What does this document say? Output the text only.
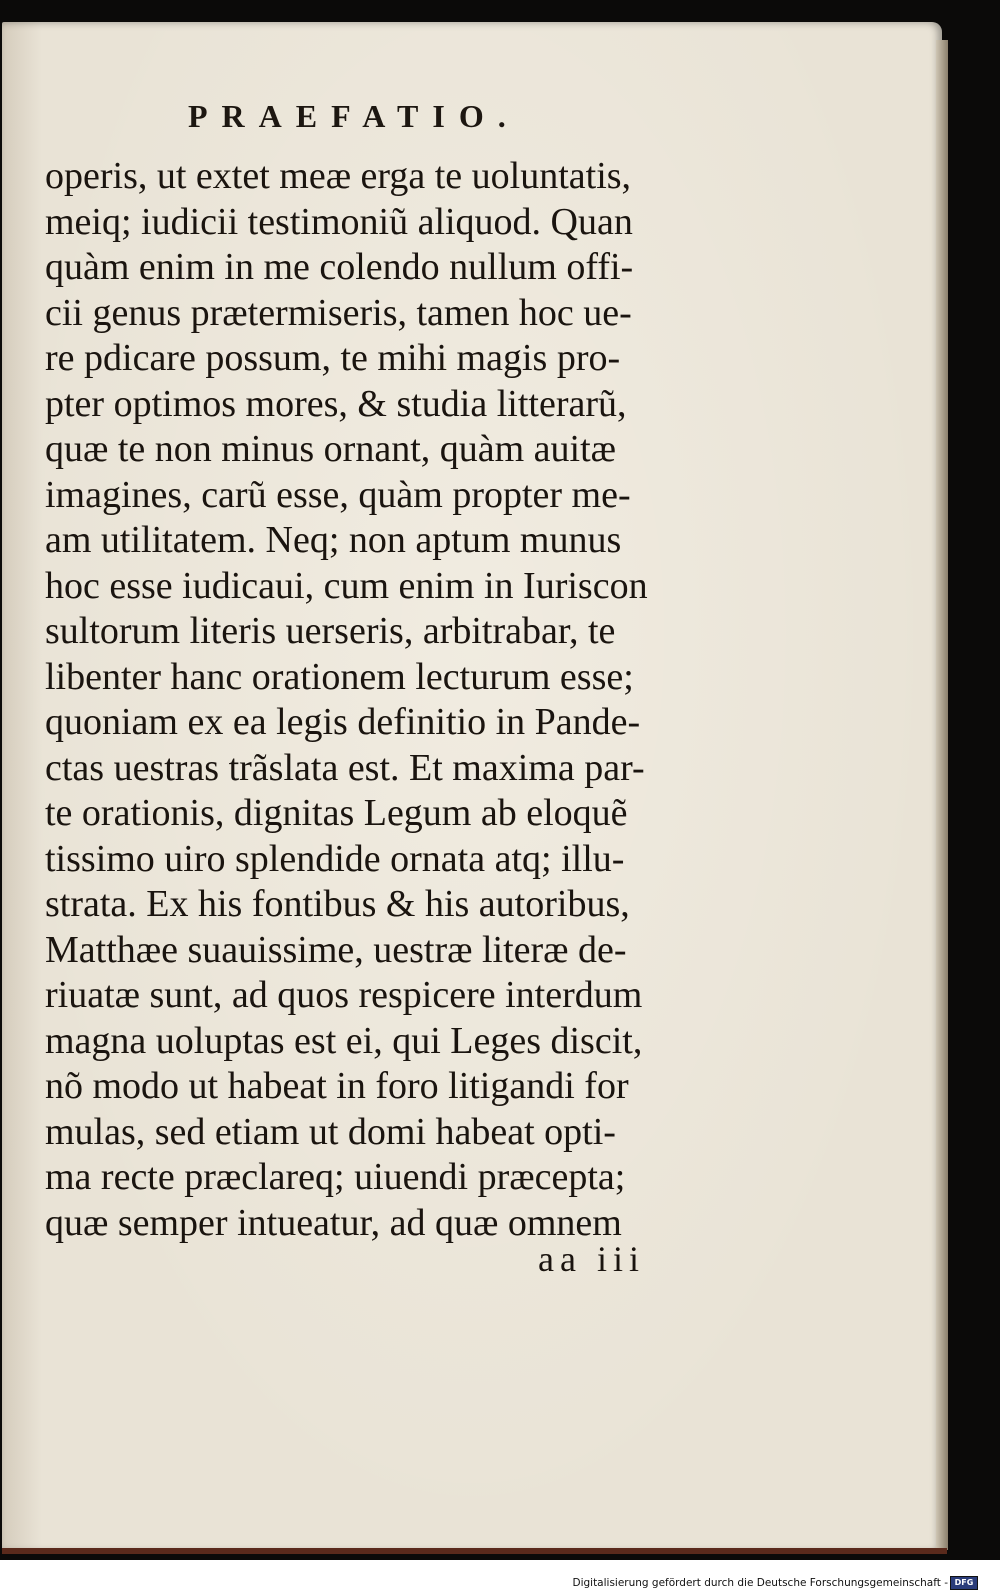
PRAEFATIO.
operis, ut extet meæ erga te uoluntatis,
meiq; iudicii testimoniũ aliquod. Quan
quàm enim in me colendo nullum offi-
cii genus prætermiseris, tamen hoc ue-
re pdicare possum, te mihi magis pro-
pter optimos mores, & studia litterarũ,
quæ te non minus ornant, quàm auitæ
imagines, carũ esse, quàm propter me-
am utilitatem. Neq; non aptum munus
hoc esse iudicaui, cum enim in Iuriscon
sultorum literis uerseris, arbitrabar, te
libenter hanc orationem lecturum esse;
quoniam ex ea legis definitio in Pande-
ctas uestras trãslata est. Et maxima par-
te orationis, dignitas Legum ab eloquẽ
tissimo uiro splendide ornata atq; illu-
strata. Ex his fontibus & his autoribus,
Matthæe suauissime, uestræ literæ de-
riuatæ sunt, ad quos respicere interdum
magna uoluptas est ei, qui Leges discit,
nõ modo ut habeat in foro litigandi for
mulas, sed etiam ut domi habeat opti-
ma recte præclareq; uiuendi præcepta;
quæ semper intueatur, ad quæ omnem
aa iii
Digitalisierung gefördert durch die Deutsche Forschungsgemeinschaft - DFG
